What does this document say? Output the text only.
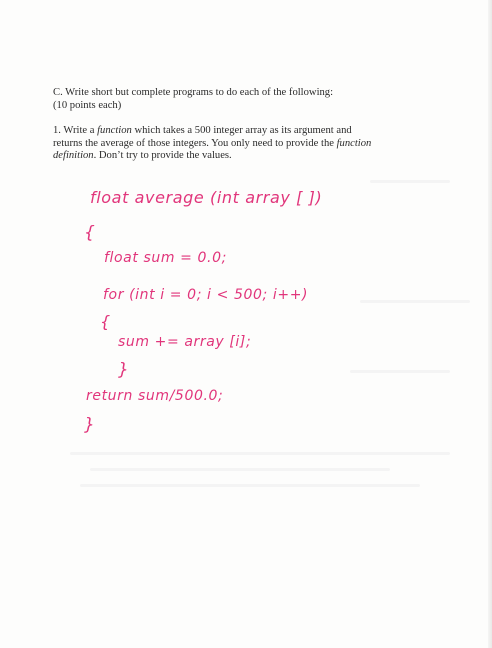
C. Write short but complete programs to do each of the following:
(10 points each)
1. Write a function which takes a 500 integer array as its argument and
returns the average of those integers. You only need to provide the function
definition. Don’t try to provide the values.
float average (int array [ ])
{
float sum = 0.0;
for (int i = 0; i < 500; i++)
{
sum += array [i];
}
return sum/500.0;
}
